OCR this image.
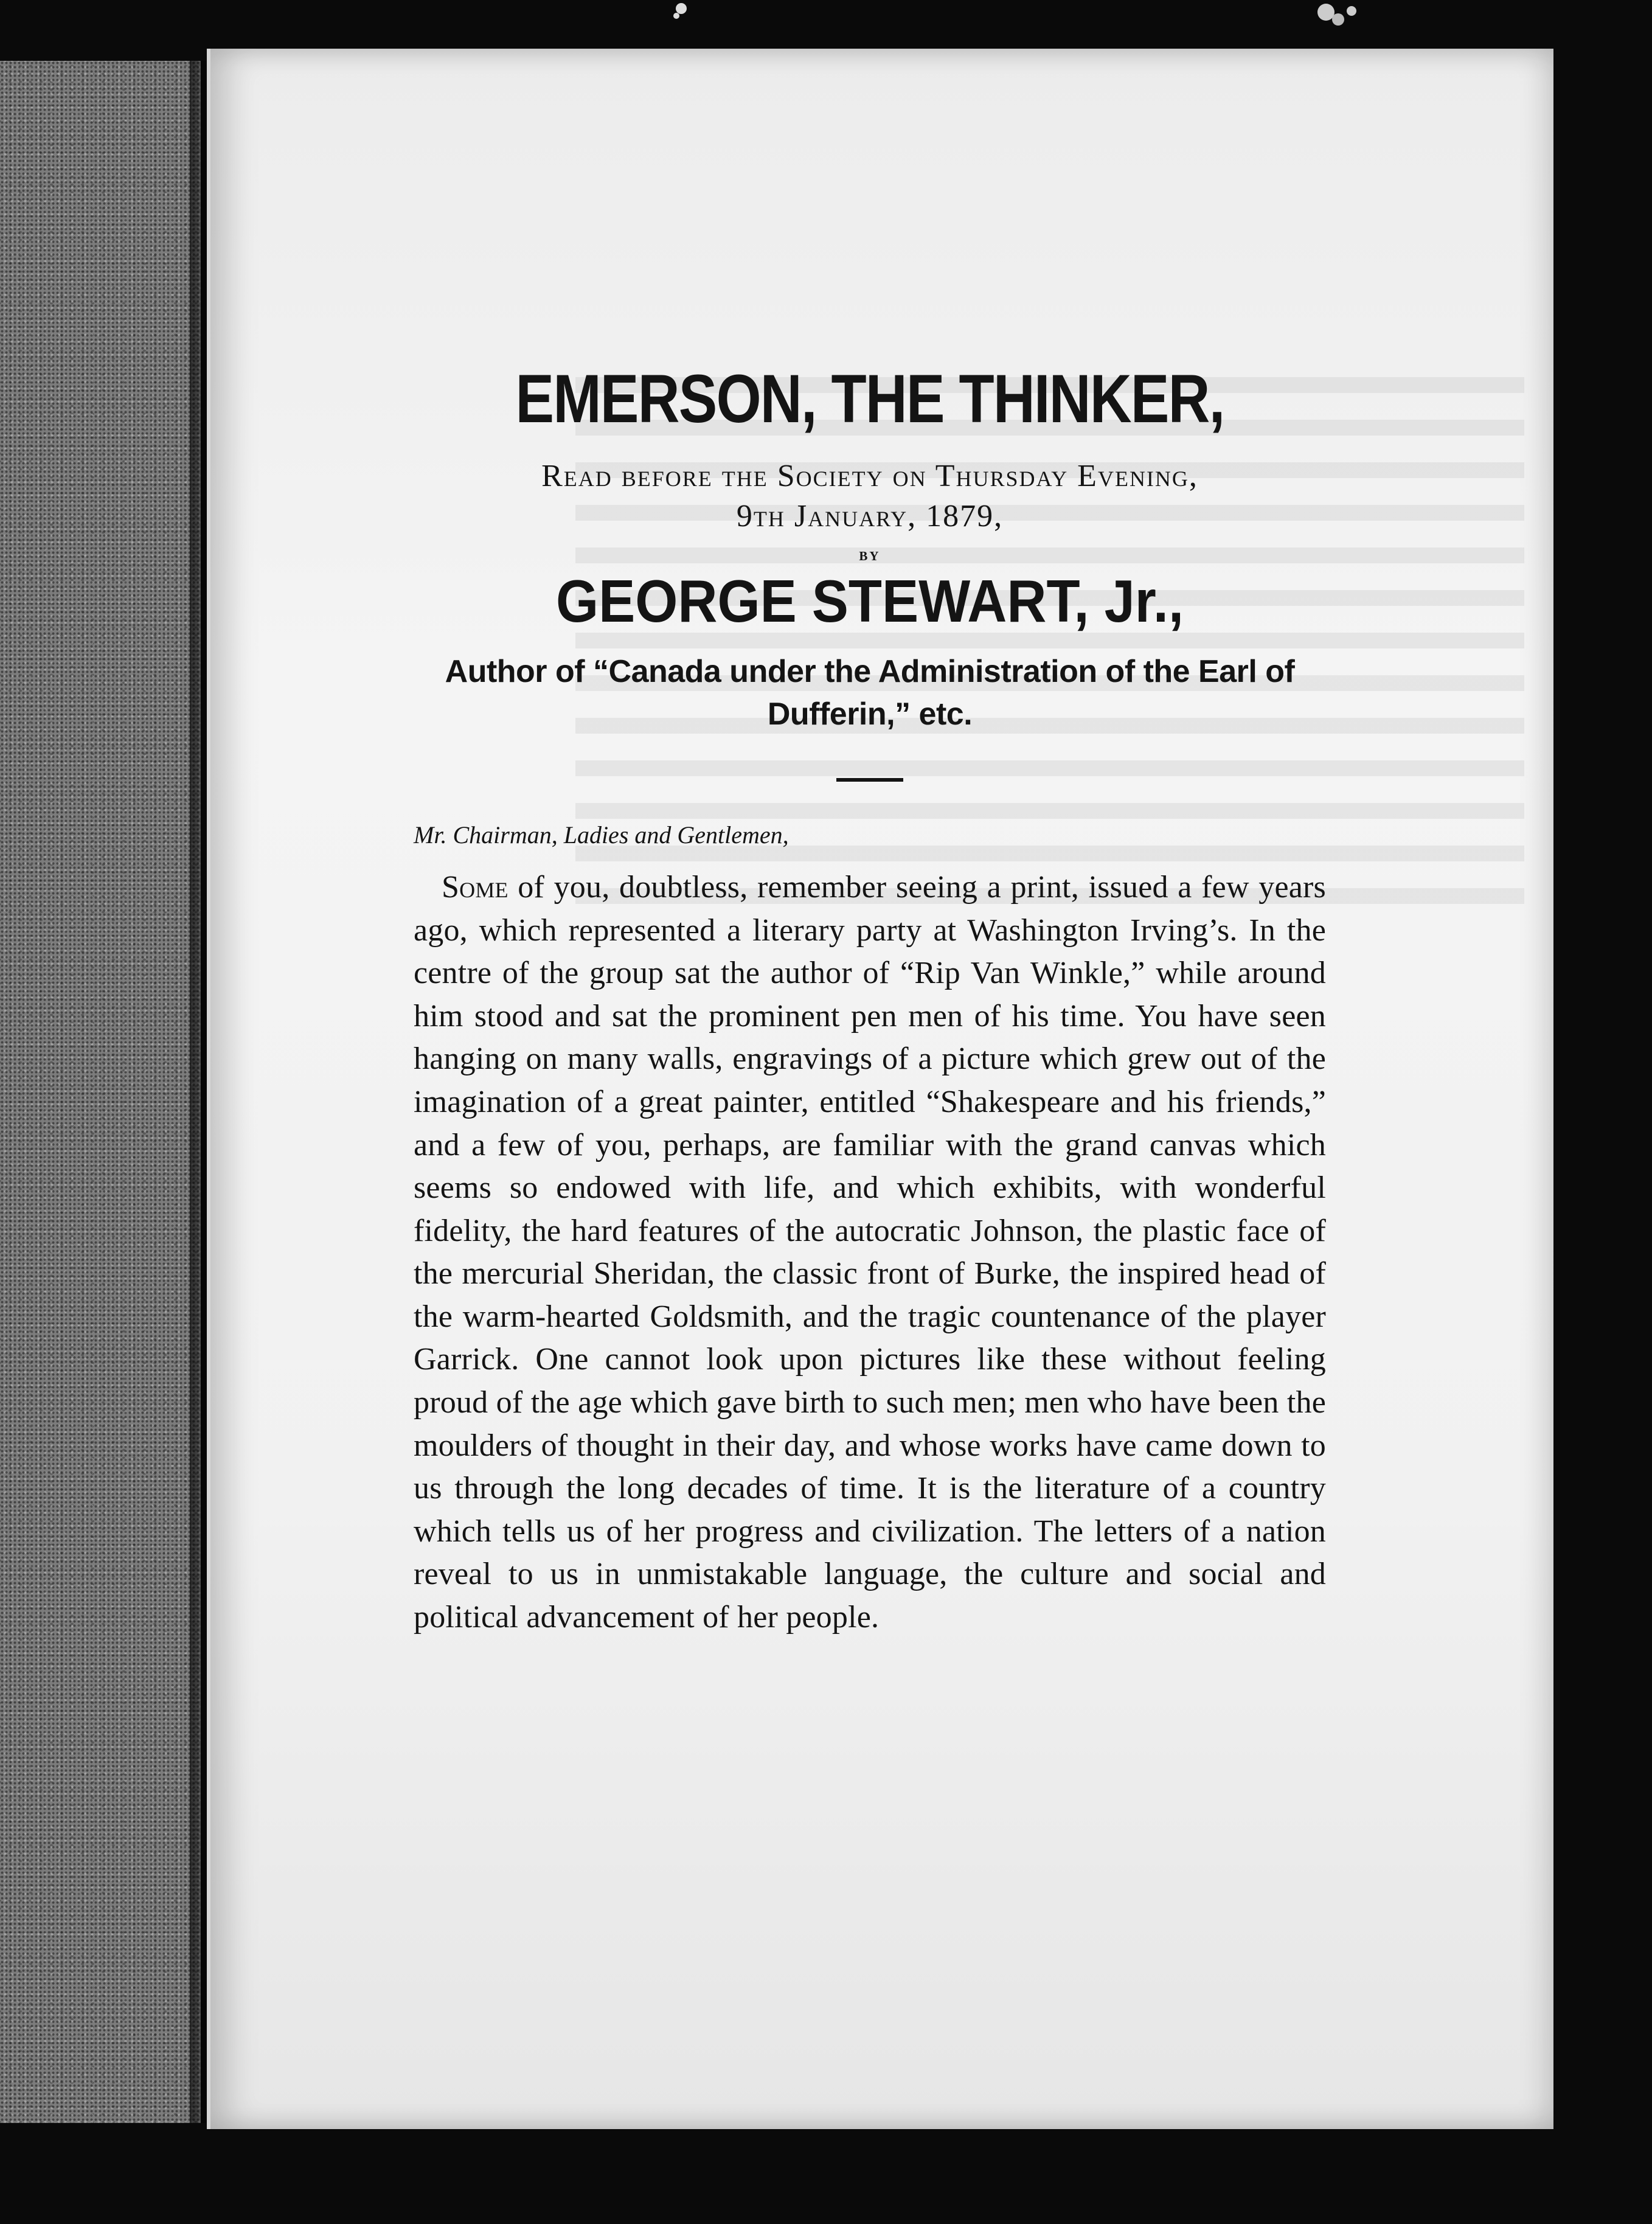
EMERSON, THE THINKER,
Read before the Society on Thursday Evening,
9th January, 1879,
by
GEORGE STEWART, Jr.,
Author of “Canada under the Administration of the Earl of Dufferin,” etc.
Mr. Chairman, Ladies and Gentlemen,

Some of you, doubtless, remember seeing a print, issued a few years ago, which represented a literary party at Washington Irving’s. In the centre of the group sat the author of “Rip Van Winkle,” while around him stood and sat the prominent pen men of his time. You have seen hanging on many walls, engravings of a picture which grew out of the imagination of a great painter, entitled “Shakespeare and his friends,” and a few of you, perhaps, are familiar with the grand canvas which seems so endowed with life, and which exhibits, with wonderful fidelity, the hard features of the autocratic Johnson, the plastic face of the mercurial Sheridan, the classic front of Burke, the inspired head of the warm-hearted Goldsmith, and the tragic countenance of the player Garrick. One cannot look upon pictures like these without feeling proud of the age which gave birth to such men; men who have been the moulders of thought in their day, and whose works have came down to us through the long decades of time. It is the literature of a country which tells us of her progress and civilization. The letters of a nation reveal to us in unmistakable language, the culture and social and political advancement of her people.
